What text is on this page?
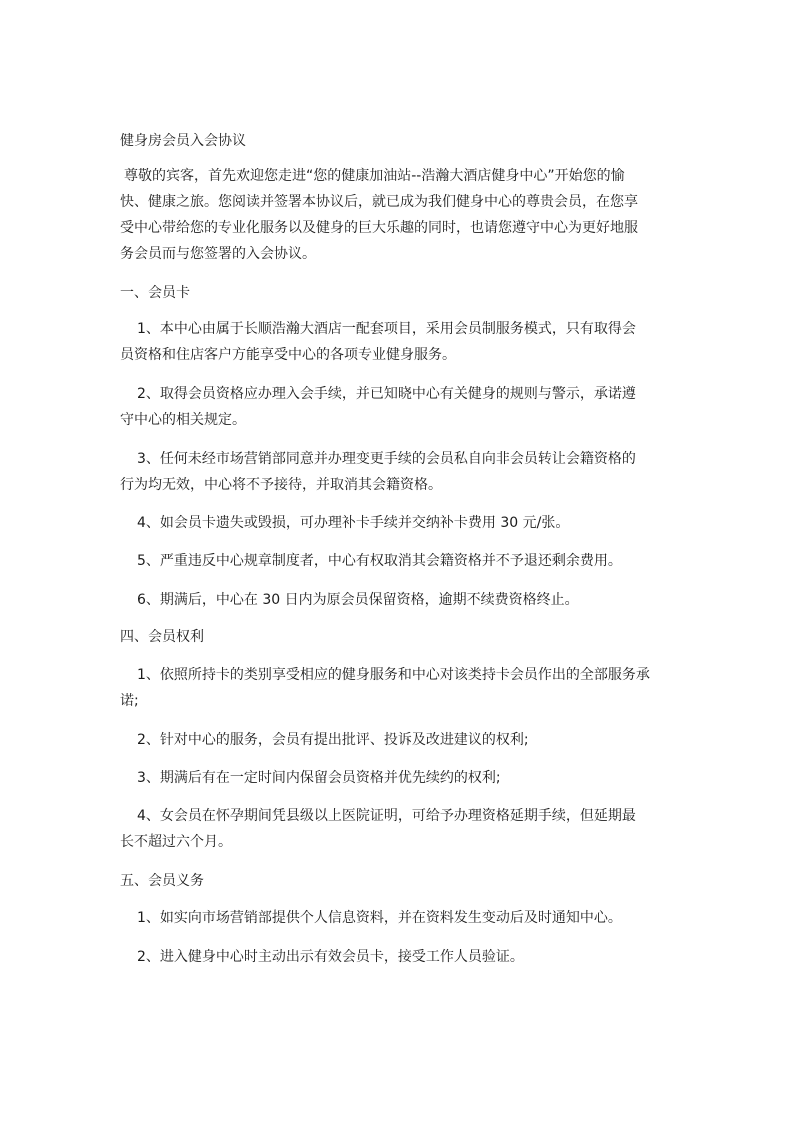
健身房会员入会协议
尊敬的宾客，首先欢迎您走进“您的健康加油站--浩瀚大酒店健身中心”开始您的愉
快、健康之旅。您阅读并签署本协议后，就已成为我们健身中心的尊贵会员，在您享
受中心带给您的专业化服务以及健身的巨大乐趣的同时，也请您遵守中心为更好地服
务会员而与您签署的入会协议。
一、会员卡
1、本中心由属于长顺浩瀚大酒店一配套项目，采用会员制服务模式，只有取得会
员资格和住店客户方能享受中心的各项专业健身服务。
2、取得会员资格应办理入会手续，并已知晓中心有关健身的规则与警示，承诺遵
守中心的相关规定。
3、任何未经市场营销部同意并办理变更手续的会员私自向非会员转让会籍资格的
行为均无效，中心将不予接待，并取消其会籍资格。
4、如会员卡遗失或毁损，可办理补卡手续并交纳补卡费用 30 元/张。
5、严重违反中心规章制度者，中心有权取消其会籍资格并不予退还剩余费用。
6、期满后，中心在 30 日内为原会员保留资格，逾期不续费资格终止。
四、会员权利
1、依照所持卡的类别享受相应的健身服务和中心对该类持卡会员作出的全部服务承
诺;
2、针对中心的服务，会员有提出批评、投诉及改进建议的权利;
3、期满后有在一定时间内保留会员资格并优先续约的权利;
4、女会员在怀孕期间凭县级以上医院证明，可给予办理资格延期手续，但延期最
长不超过六个月。
五、会员义务
1、如实向市场营销部提供个人信息资料，并在资料发生变动后及时通知中心。
2、进入健身中心时主动出示有效会员卡，接受工作人员验证。
